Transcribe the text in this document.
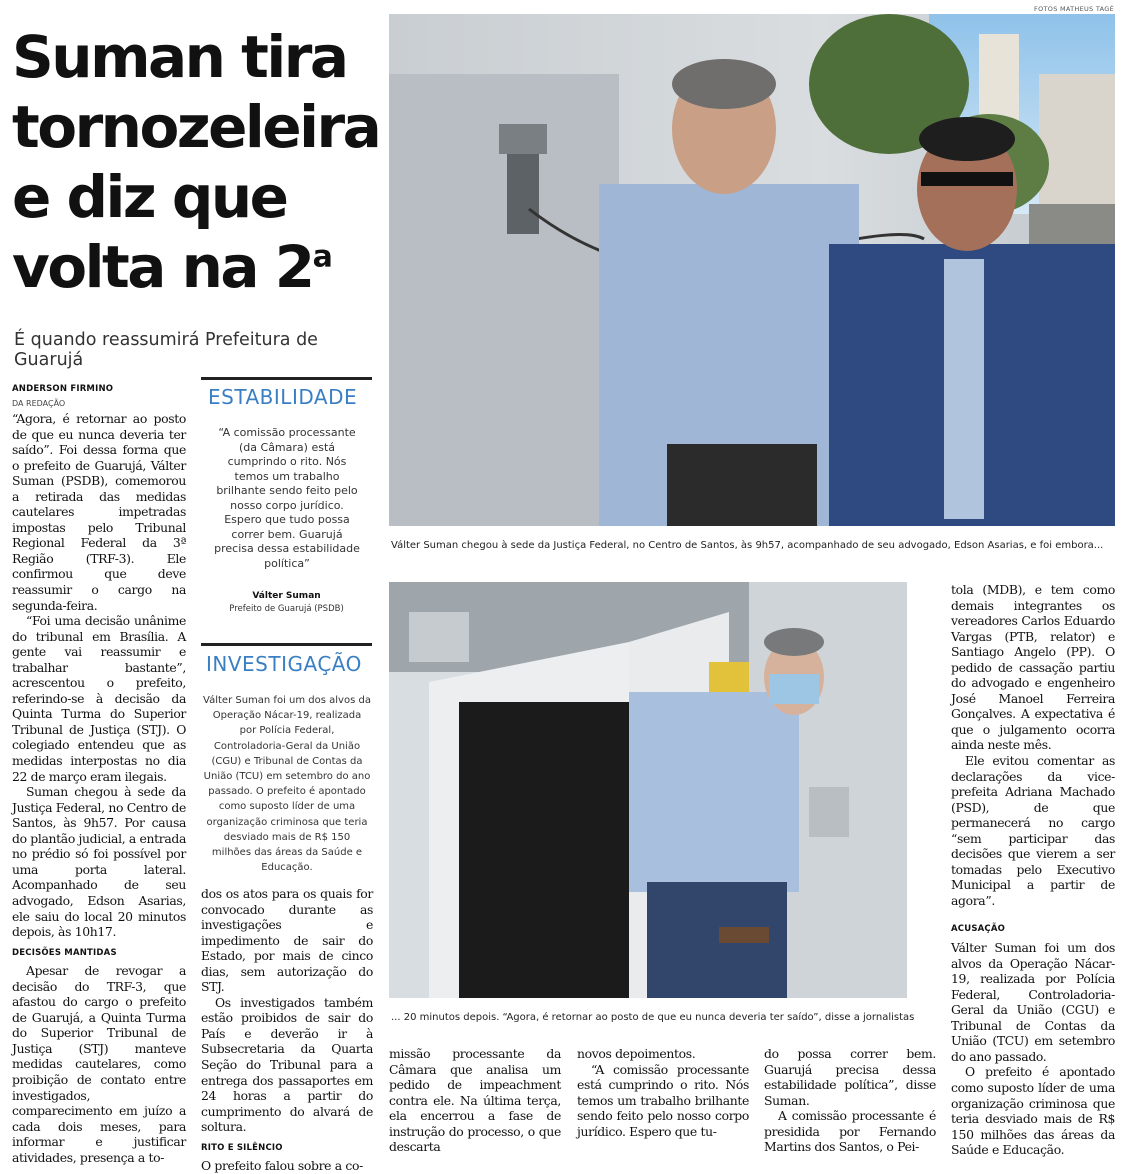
Suman tira
tornozeleira
e diz que
volta na 2$^a$
É quando reassumirá Prefeitura de Guarujá
ANDERSON FIRMINO
DA REDAÇÃO

“Agora, é retornar ao posto de que eu nunca deveria ter saído”. Foi dessa forma que o prefeito de Guarujá, Válter Suman (PSDB), comemorou a retirada das medidas cautelares impetradas impostas pelo Tribunal Regional Federal da 3ª Região (TRF-3). Ele confirmou que deve reassumir o cargo na segunda-feira.

“Foi uma decisão unânime do tribunal em Brasília. A gente vai reassumir e trabalhar bastante”, acrescentou o prefeito, referindo-se à decisão da Quinta Turma do Superior Tribunal de Justiça (STJ). O colegiado entendeu que as medidas interpostas no dia 22 de março eram ilegais.

Suman chegou à sede da Justiça Federal, no Centro de Santos, às 9h57. Por causa do plantão judicial, a entrada no prédio só foi possível por uma porta lateral. Acompanhado de seu advogado, Edson Asarias, ele saiu do local 20 minutos depois, às 10h17.

DECISÕES MANTIDAS

Apesar de revogar a decisão do TRF-3, que afastou do cargo o prefeito de Guarujá, a Quinta Turma do Superior Tribunal de Justiça (STJ) manteve medidas cautelares, como proibição de contato entre investigados, comparecimento em juízo a cada dois meses, para informar e justificar atividades, presença a to-

ESTABILIDADE
“A comissão processante (da Câmara) está cumprindo o rito. Nós temos um trabalho brilhante sendo feito pelo nosso corpo jurídico. Espero que tudo possa correr bem. Guarujá precisa dessa estabilidade política”
Válter Suman
Prefeito de Guarujá (PSDB)
INVESTIGAÇÃO
Válter Suman foi um dos alvos da Operação Nácar-19, realizada por Polícia Federal, Controladoria-Geral da União (CGU) e Tribunal de Contas da União (TCU) em setembro do ano passado. O prefeito é apontado como suposto líder de uma organização criminosa que teria desviado mais de R$ 150 milhões das áreas da Saúde e Educação.

dos os atos para os quais for convocado durante as investigações e impedimento de sair do Estado, por mais de cinco dias, sem autorização do STJ.

Os investigados também estão proibidos de sair do País e deverão ir à Subsecretaria da Quarta Seção do Tribunal para a entrega dos passaportes em 24 horas a partir do cumprimento do alvará de soltura.

RITO E SILÊNCIO

O prefeito falou sobre a co-

FOTOS MATHEUS TAGÉ
Válter Suman chegou à sede da Justiça Federal, no Centro de Santos, às 9h57, acompanhado de seu advogado, Edson Asarias, e foi embora...
... 20 minutos depois. “Agora, é retornar ao posto de que eu nunca deveria ter saído”, disse a jornalistas

missão processante da Câmara que analisa um pedido de impeachment contra ele. Na última terça, ela encerrou a fase de instrução do processo, o que descarta

novos depoimentos.

“A comissão processante está cumprindo o rito. Nós temos um trabalho brilhante sendo feito pelo nosso corpo jurídico. Espero que tu-

do possa correr bem. Guarujá precisa dessa estabilidade política”, disse Suman.

A comissão processante é presidida por Fernando Martins dos Santos, o Pei-

tola (MDB), e tem como demais integrantes os vereadores Carlos Eduardo Vargas (PTB, relator) e Santiago Angelo (PP). O pedido de cassação partiu do advogado e engenheiro José Manoel Ferreira Gonçalves. A expectativa é que o julgamento ocorra ainda neste mês.

Ele evitou comentar as declarações da vice-prefeita Adriana Machado (PSD), de que permanecerá no cargo “sem participar das decisões que vierem a ser tomadas pelo Executivo Municipal a partir de agora”.

ACUSAÇÃO

Válter Suman foi um dos alvos da Operação Nácar-19, realizada por Polícia Federal, Controladoria-Geral da União (CGU) e Tribunal de Contas da União (TCU) em setembro do ano passado.

O prefeito é apontado como suposto líder de uma organização criminosa que teria desviado mais de R$ 150 milhões das áreas da Saúde e Educação.
